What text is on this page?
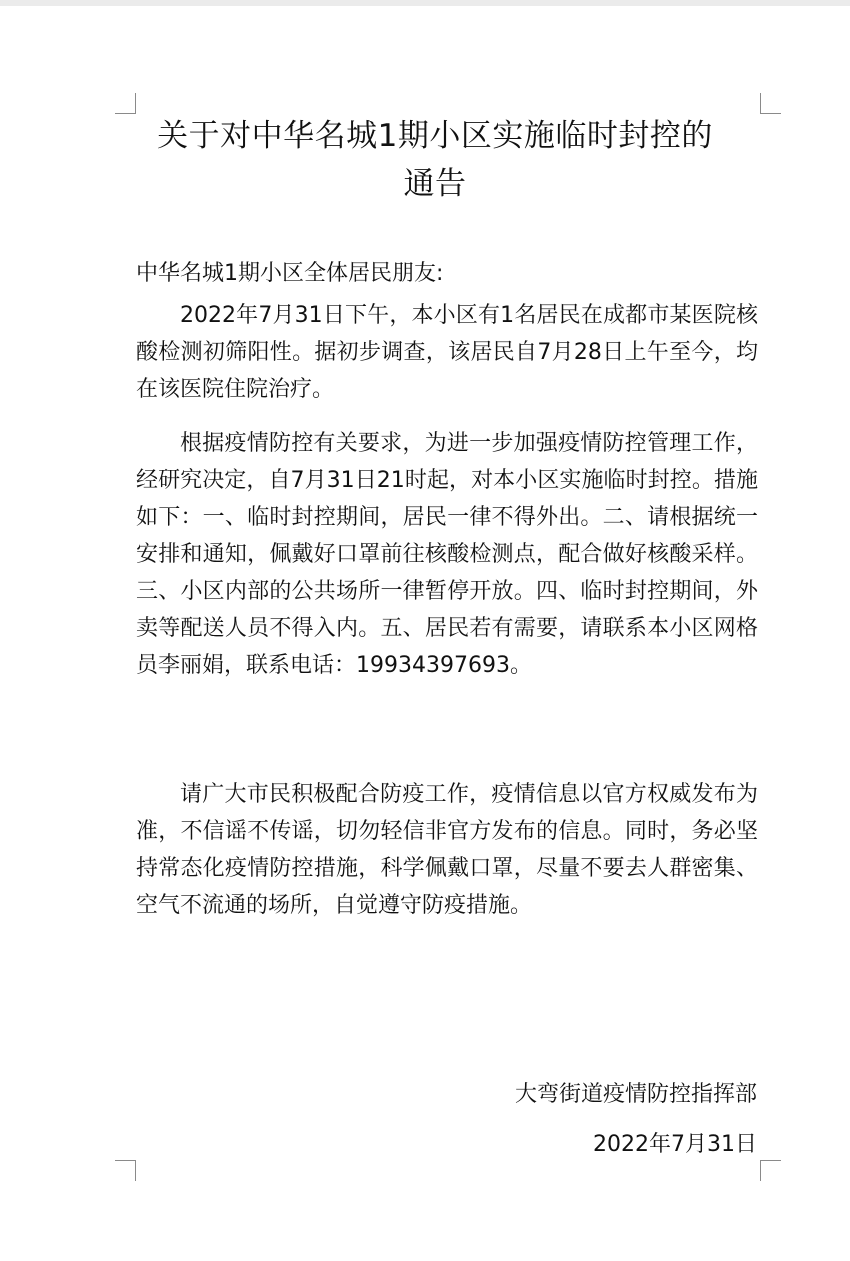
关于对中华名城1期小区实施临时封控的
通告
中华名城1期小区全体居民朋友:

2022年7月31日下午，本小区有1名居民在成都市某医院核酸检测初筛阳性。据初步调查，该居民自7月28日上午至今，均在该医院住院治疗。

根据疫情防控有关要求，为进一步加强疫情防控管理工作，经研究决定，自7月31日21时起，对本小区实施临时封控。措施如下：一、临时封控期间，居民一律不得外出。二、请根据统一安排和通知，佩戴好口罩前往核酸检测点，配合做好核酸采样。三、小区内部的公共场所一律暂停开放。四、临时封控期间，外卖等配送人员不得入内。五、居民若有需要，请联系本小区网格员李丽娟，联系电话：19934397693。

请广大市民积极配合防疫工作，疫情信息以官方权威发布为准，不信谣不传谣，切勿轻信非官方发布的信息。同时，务必坚持常态化疫情防控措施，科学佩戴口罩，尽量不要去人群密集、空气不流通的场所，自觉遵守防疫措施。

大弯街道疫情防控指挥部
2022年7月31日
